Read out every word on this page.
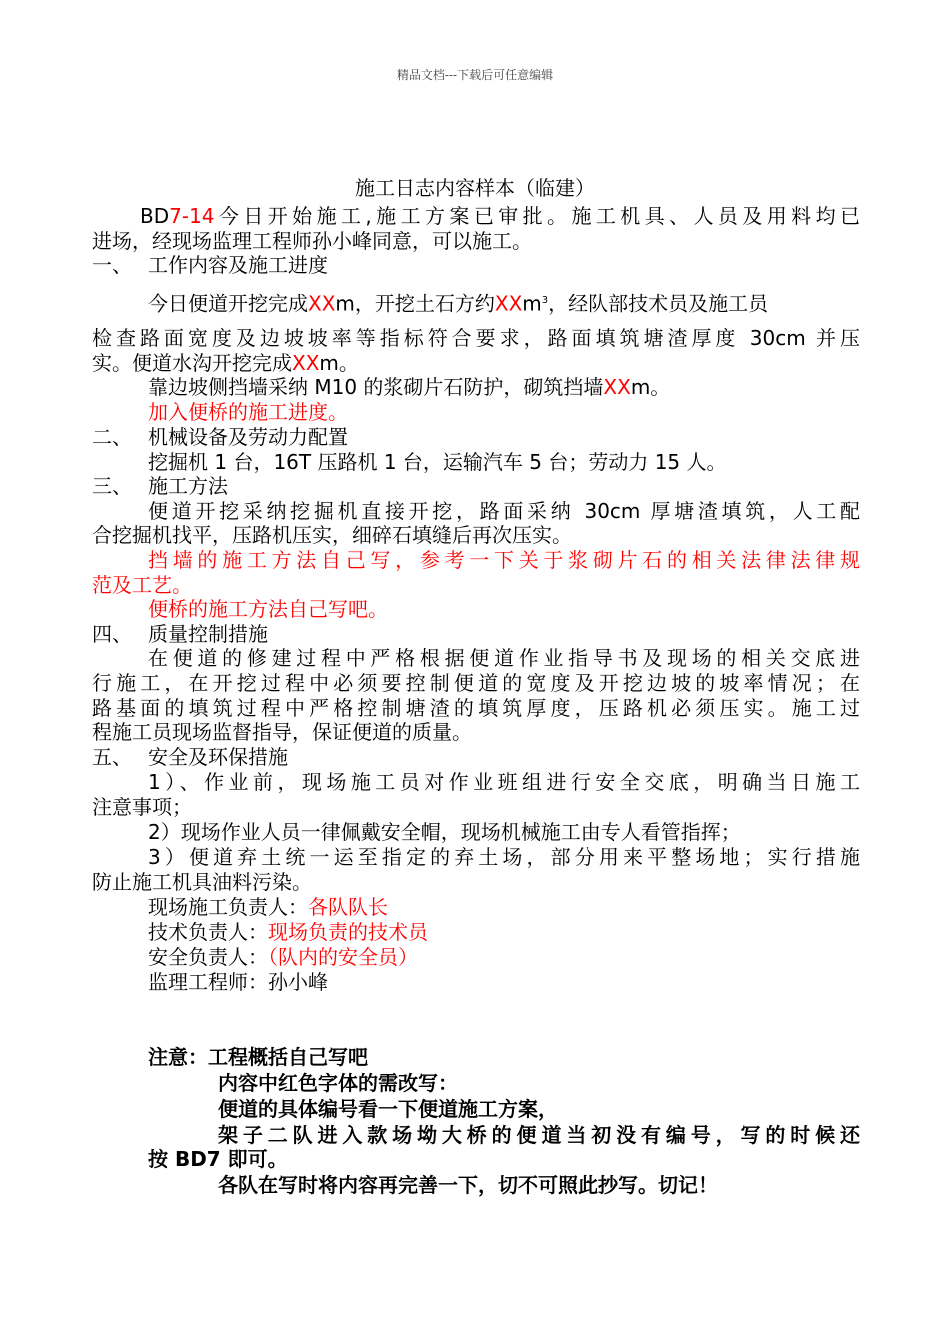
精品文档---下载后可任意编辑
施工日志内容样本（临建）
BD7-14今日开始施工,施工方案已审批。施工机具、人员及用料均已
进场，经现场监理工程师孙小峰同意，可以施工。
一、 工作内容及施工进度
今日便道开挖完成XXm，开挖土石方约XXm$^3$，经队部技术员及施工员
检查路面宽度及边坡坡率等指标符合要求，路面填筑塘渣厚度 30cm 并压
实。便道水沟开挖完成XXm。
靠边坡侧挡墙采纳 M10 的浆砌片石防护，砌筑挡墙XXm。
加入便桥的施工进度。
二、 机械设备及劳动力配置
挖掘机 1 台，16T 压路机 1 台，运输汽车 5 台；劳动力 15 人。
三、 施工方法
便道开挖采纳挖掘机直接开挖，路面采纳 30cm 厚塘渣填筑，人工配
合挖掘机找平，压路机压实，细碎石填缝后再次压实。
挡墙的施工方法自己写，参考一下关于浆砌片石的相关法律法律规
范及工艺。
便桥的施工方法自己写吧。
四、 质量控制措施
在便道的修建过程中严格根据便道作业指导书及现场的相关交底进
行施工，在开挖过程中必须要控制便道的宽度及开挖边坡的坡率情况；在
路基面的填筑过程中严格控制塘渣的填筑厚度，压路机必须压实。施工过
程施工员现场监督指导，保证便道的质量。
五、 安全及环保措施
1）、作业前，现场施工员对作业班组进行安全交底，明确当日施工
注意事项；
2）现场作业人员一律佩戴安全帽，现场机械施工由专人看管指挥；
3）便道弃土统一运至指定的弃土场，部分用来平整场地；实行措施
防止施工机具油料污染。
现场施工负责人：各队队长
技术负责人：现场负责的技术员
安全负责人：（队内的安全员）
监理工程师：孙小峰
注意：工程概括自己写吧
内容中红色字体的需改写：
便道的具体编号看一下便道施工方案，
架子二队进入款场坳大桥的便道当初没有编号，写的时候还
按 BD7 即可。
各队在写时将内容再完善一下，切不可照此抄写。切记！
